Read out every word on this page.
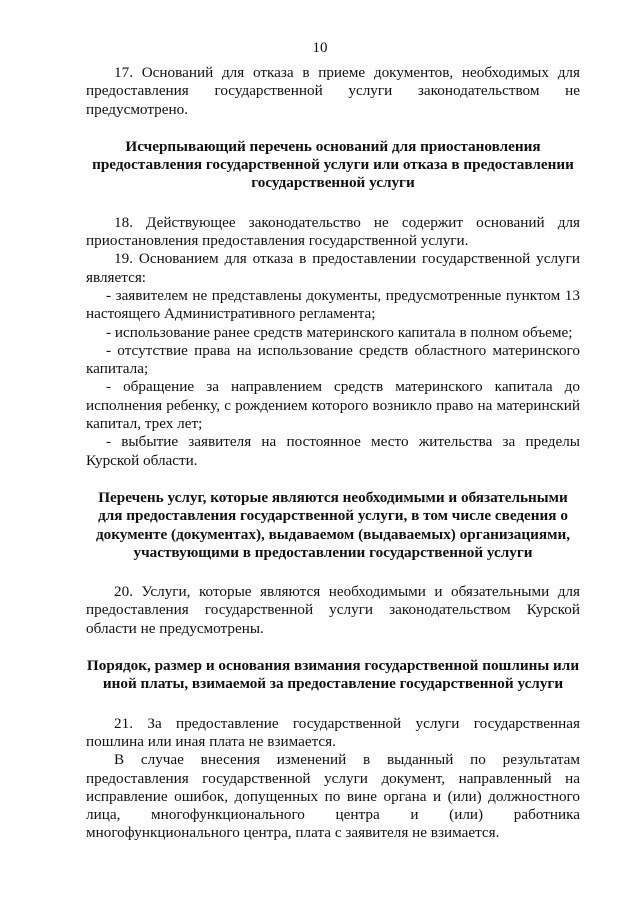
10

17. Оснований для отказа в приеме документов, необходимых для предоставления государственной услуги законодательством не предусмотрено.

Исчерпывающий перечень оснований для приостановления предоставления государственной услуги или отказа в предоставлении государственной услуги

18. Действующее законодательство не содержит оснований для приостановления предоставления государственной услуги.

19. Основанием для отказа в предоставлении государственной услуги является:

- заявителем не представлены документы, предусмотренные пунктом 13 настоящего Административного регламента;

- использование ранее средств материнского капитала в полном объеме;

- отсутствие права на использование средств областного материнского капитала;

- обращение за направлением средств материнского капитала до исполнения ребенку, с рождением которого возникло право на материнский капитал, трех лет;

- выбытие заявителя на постоянное место жительства за пределы Курской области.

Перечень услуг, которые являются необходимыми и обязательными для предоставления государственной услуги, в том числе сведения о документе (документах), выдаваемом (выдаваемых) организациями, участвующими в предоставлении государственной услуги

20. Услуги, которые являются необходимыми и обязательными для предоставления государственной услуги законодательством Курской области не предусмотрены.

Порядок, размер и основания взимания государственной пошлины или иной платы, взимаемой за предоставление государственной услуги

21. За предоставление государственной услуги государственная пошлина или иная плата не взимается.

В случае внесения изменений в выданный по результатам предоставления государственной услуги документ, направленный на исправление ошибок, допущенных по вине органа и (или) должностного лица, многофункционального центра и (или) работника многофункционального центра, плата с заявителя не взимается.
